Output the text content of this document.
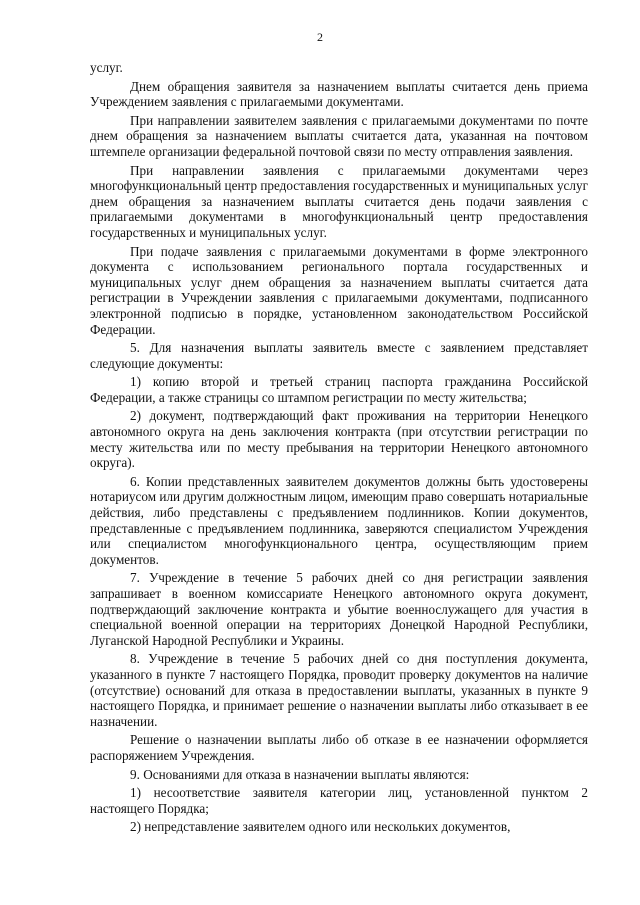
2

услуг.

Днем обращения заявителя за назначением выплаты считается день приема Учреждением заявления с прилагаемыми документами.

При направлении заявителем заявления с прилагаемыми документами по почте днем обращения за назначением выплаты считается дата, указанная на почтовом штемпеле организации федеральной почтовой связи по месту отправления заявления.

При направлении заявления с прилагаемыми документами через многофункциональный центр предоставления государственных и муниципальных услуг днем обращения за назначением выплаты считается день подачи заявления с прилагаемыми документами в многофункциональный центр предоставления государственных и муниципальных услуг.

При подаче заявления с прилагаемыми документами в форме электронного документа с использованием регионального портала государственных и муниципальных услуг днем обращения за назначением выплаты считается дата регистрации в Учреждении заявления с прилагаемыми документами, подписанного электронной подписью в порядке, установленном законодательством Российской Федерации.

5. Для назначения выплаты заявитель вместе с заявлением представляет следующие документы:

1) копию второй и третьей страниц паспорта гражданина Российской Федерации, а также страницы со штампом регистрации по месту жительства;

2) документ, подтверждающий факт проживания на территории Ненецкого автономного округа на день заключения контракта (при отсутствии регистрации по месту жительства или по месту пребывания на территории Ненецкого автономного округа).

6. Копии представленных заявителем документов должны быть удостоверены нотариусом или другим должностным лицом, имеющим право совершать нотариальные действия, либо представлены с предъявлением подлинников. Копии документов, представленные с предъявлением подлинника, заверяются специалистом Учреждения или специалистом многофункционального центра, осуществляющим прием документов.

7. Учреждение в течение 5 рабочих дней со дня регистрации заявления запрашивает в военном комиссариате Ненецкого автономного округа документ, подтверждающий заключение контракта и убытие военнослужащего для участия в специальной военной операции на территориях Донецкой Народной Республики, Луганской Народной Республики и Украины.

8. Учреждение в течение 5 рабочих дней со дня поступления документа, указанного в пункте 7 настоящего Порядка, проводит проверку документов на наличие (отсутствие) оснований для отказа в предоставлении выплаты, указанных в пункте 9 настоящего Порядка, и принимает решение о назначении выплаты либо отказывает в ее назначении.

Решение о назначении выплаты либо об отказе в ее назначении оформляется распоряжением Учреждения.

9. Основаниями для отказа в назначении выплаты являются:

1) несоответствие заявителя категории лиц, установленной пунктом 2 настоящего Порядка;

2) непредставление заявителем одного или нескольких документов,
